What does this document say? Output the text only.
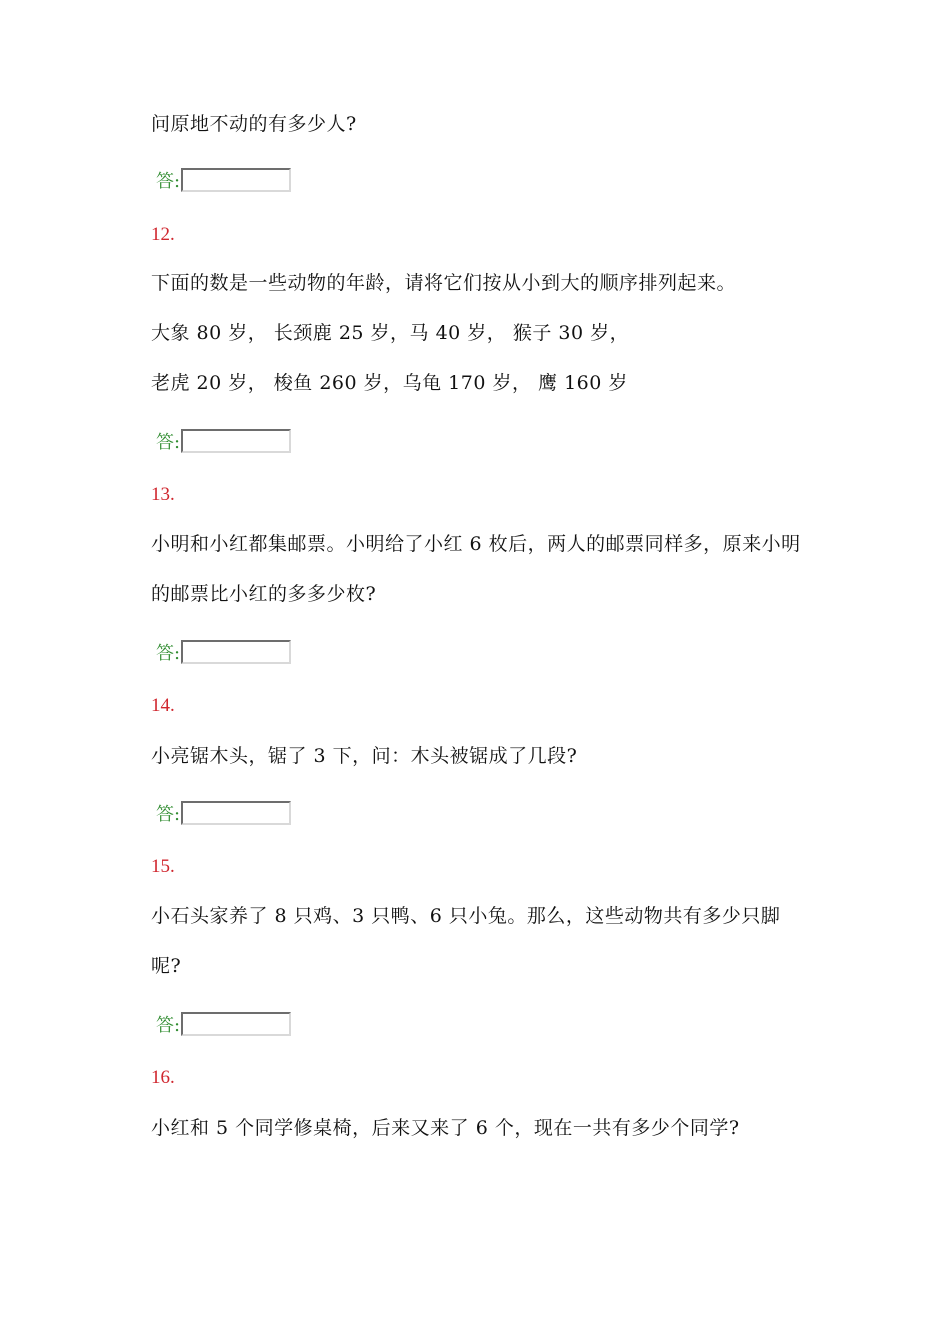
问原地不动的有多少人?
答:
12.
下面的数是一些动物的年龄，请将它们按从小到大的顺序排列起来。
大象 80 岁， 长颈鹿 25 岁，马 40 岁， 猴子 30 岁，
老虎 20 岁， 梭鱼 260 岁，乌龟 170 岁， 鹰 160 岁
答:
13.
小明和小红都集邮票。小明给了小红 6 枚后，两人的邮票同样多，原来小明
的邮票比小红的多多少枚?
答:
14.
小亮锯木头，锯了 3 下，问：木头被锯成了几段?
答:
15.
小石头家养了 8 只鸡、3 只鸭、6 只小兔。那么，这些动物共有多少只脚
呢?
答:
16.
小红和 5 个同学修桌椅，后来又来了 6 个，现在一共有多少个同学?
